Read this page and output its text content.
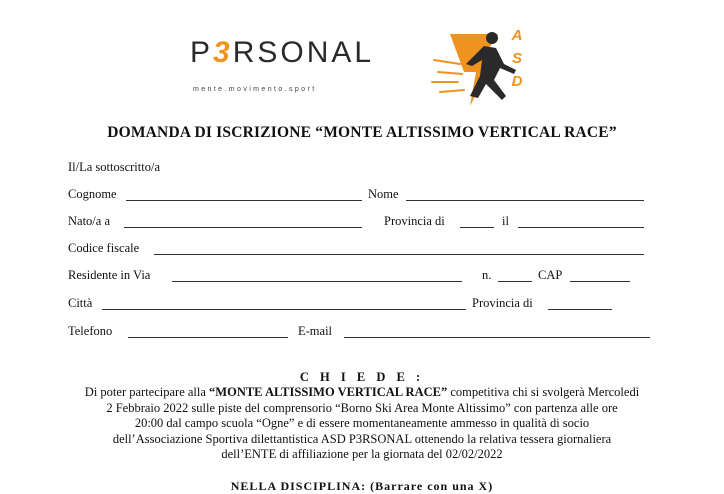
P3RSONAL
mente.movimento.sport
A
S
D
DOMANDA DI ISCRIZIONE “MONTE ALTISSIMO VERTICAL RACE”
Il/La sottoscritto/a
Cognome	Nome
Nato/a a	Provincia di	il
Codice fiscale
Residente in Via	n.	CAP
Città	Provincia di
Telefono	E-mail
C H I E D E :
Di poter partecipare alla “MONTE ALTISSIMO VERTICAL RACE” competitiva chi si svolgerà Mercoledì
2 Febbraio 2022 sulle piste del comprensorio “Borno Ski Area Monte Altissimo” con partenza alle ore
20:00 dal campo scuola “Ogne” e di essere momentaneamente ammesso in qualità di socio
dell’Associazione Sportiva dilettantistica ASD P3RSONAL ottenendo la relativa tessera giornaliera
dell’ENTE di affiliazione per la giornata del 02/02/2022
NELLA DISCIPLINA: (Barrare con una X)
